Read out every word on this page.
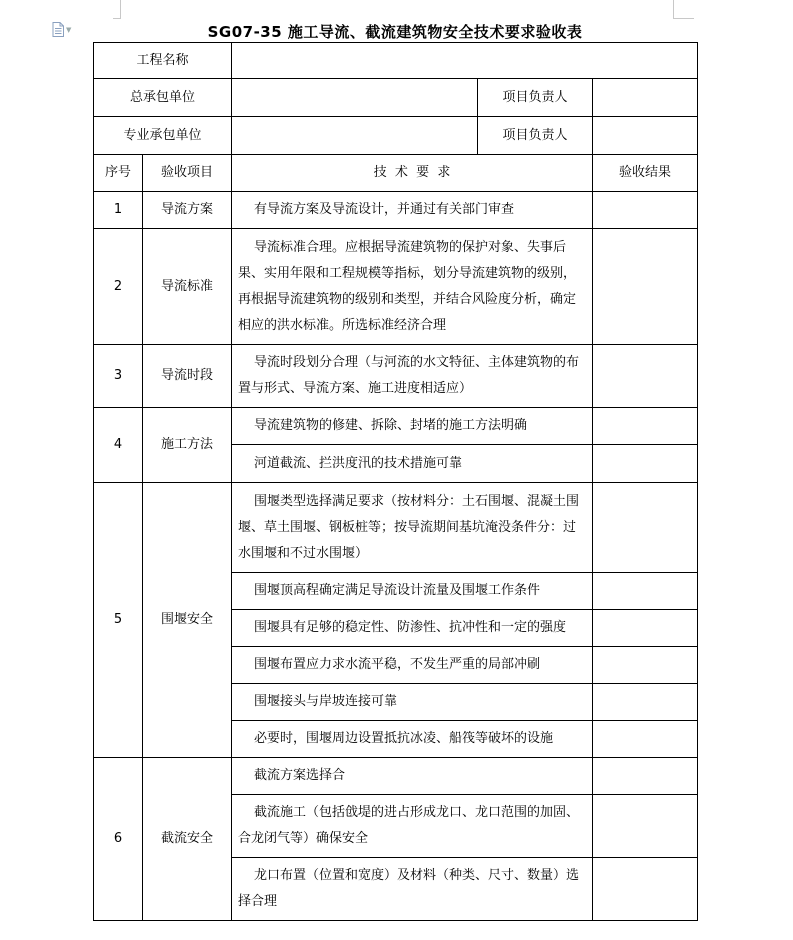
▼	SG07-35 施工导流、截流建筑物安全技术要求验收表
工程名称				
总承包单位			项目负责人	
专业承包单位			项目负责人	
序号	验收项目	技  术  要  求		验收结果
1	导流方案	有导流方案及导流设计，并通过有关部门审查		
2	导流标准	导流标准合理。应根据导流建筑物的保护对象、失事后果、实用年限和工程规模等指标，划分导流建筑物的级别，再根据导流建筑物的级别和类型，并结合风险度分析，确定相应的洪水标准。所选标准经济合理		
3	导流时段	导流时段划分合理（与河流的水文特征、主体建筑物的布置与形式、导流方案、施工进度相适应）		
4	施工方法	导流建筑物的修建、拆除、封堵的施工方法明确		
		河道截流、拦洪度汛的技术措施可靠		
5	围堰安全	围堰类型选择满足要求（按材料分：土石围堰、混凝土围堰、草土围堰、钢板桩等；按导流期间基坑淹没条件分：过水围堰和不过水围堰）		
		围堰顶高程确定满足导流设计流量及围堰工作条件		
		围堰具有足够的稳定性、防渗性、抗冲性和一定的强度		
		围堰布置应力求水流平稳，不发生严重的局部冲刷		
		围堰接头与岸坡连接可靠		
		必要时，围堰周边设置抵抗冰凌、船筏等破坏的设施		
6	截流安全	截流方案选择合		
		截流施工（包括戗堤的进占形成龙口、龙口范围的加固、合龙闭气等）确保安全		
		龙口布置（位置和宽度）及材料（种类、尺寸、数量）选择合理		
